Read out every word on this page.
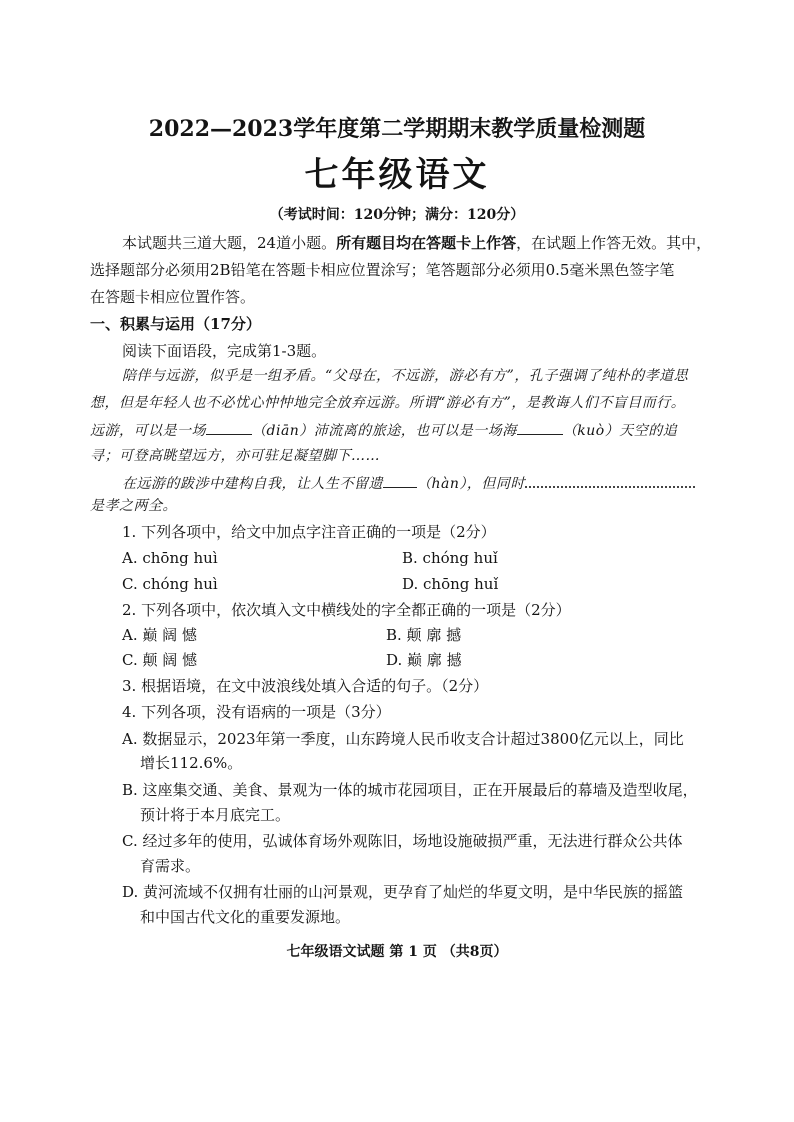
2022—2023学年度第二学期期末教学质量检测题
七年级语文
（考试时间：120分钟；满分：120分）
本试题共三道大题，24道小题。所有题目均在答题卡上作答，在试题上作答无效。其中，
选择题部分必须用2B铅笔在答题卡相应位置涂写；笔答题部分必须用0.5毫米黑色签字笔
在答题卡相应位置作答。
一、积累与运用（17分）
阅读下面语段，完成第1-3题。
陪伴与远游，似乎是一组矛盾。“父母在，不远游，游必有方”，孔子强调了纯朴的孝道思
想，但是年轻人也不必忧心忡忡地完全放弃远游。所谓“游必有方”，是教诲人们不盲目而行。
远游，可以是一场	（diān）沛流离的旅途，也可以是一场海	（kuò）天空的追
寻；可登高眺望远方，亦可驻足凝望脚下……
在远游的跋涉中建构自我，让人生不留遗 （hàn），但同时
是孝之两全。
1. 下列各项中，给文中加点字注音正确的一项是（2分）
A. chōng huì	B. chóng huǐ
C. chóng huì	D. chōng huǐ
2. 下列各项中，依次填入文中横线处的字全都正确的一项是（2分）
A. 巅 阔 憾	B. 颠 廓 撼
C. 颠 阔 憾	D. 巅 廓 撼
3. 根据语境，在文中波浪线处填入合适的句子。（2分）
4. 下列各项，没有语病的一项是（3分）
A. 数据显示，2023年第一季度，山东跨境人民币收支合计超过3800亿元以上，同比
增长112.6%。
B. 这座集交通、美食、景观为一体的城市花园项目，正在开展最后的幕墙及造型收尾，
预计将于本月底完工。
C. 经过多年的使用，弘诚体育场外观陈旧，场地设施破损严重，无法进行群众公共体
育需求。
D. 黄河流域不仅拥有壮丽的山河景观，更孕育了灿烂的华夏文明，是中华民族的摇篮
和中国古代文化的重要发源地。
七年级语文试题 第 1 页 （共8页）
